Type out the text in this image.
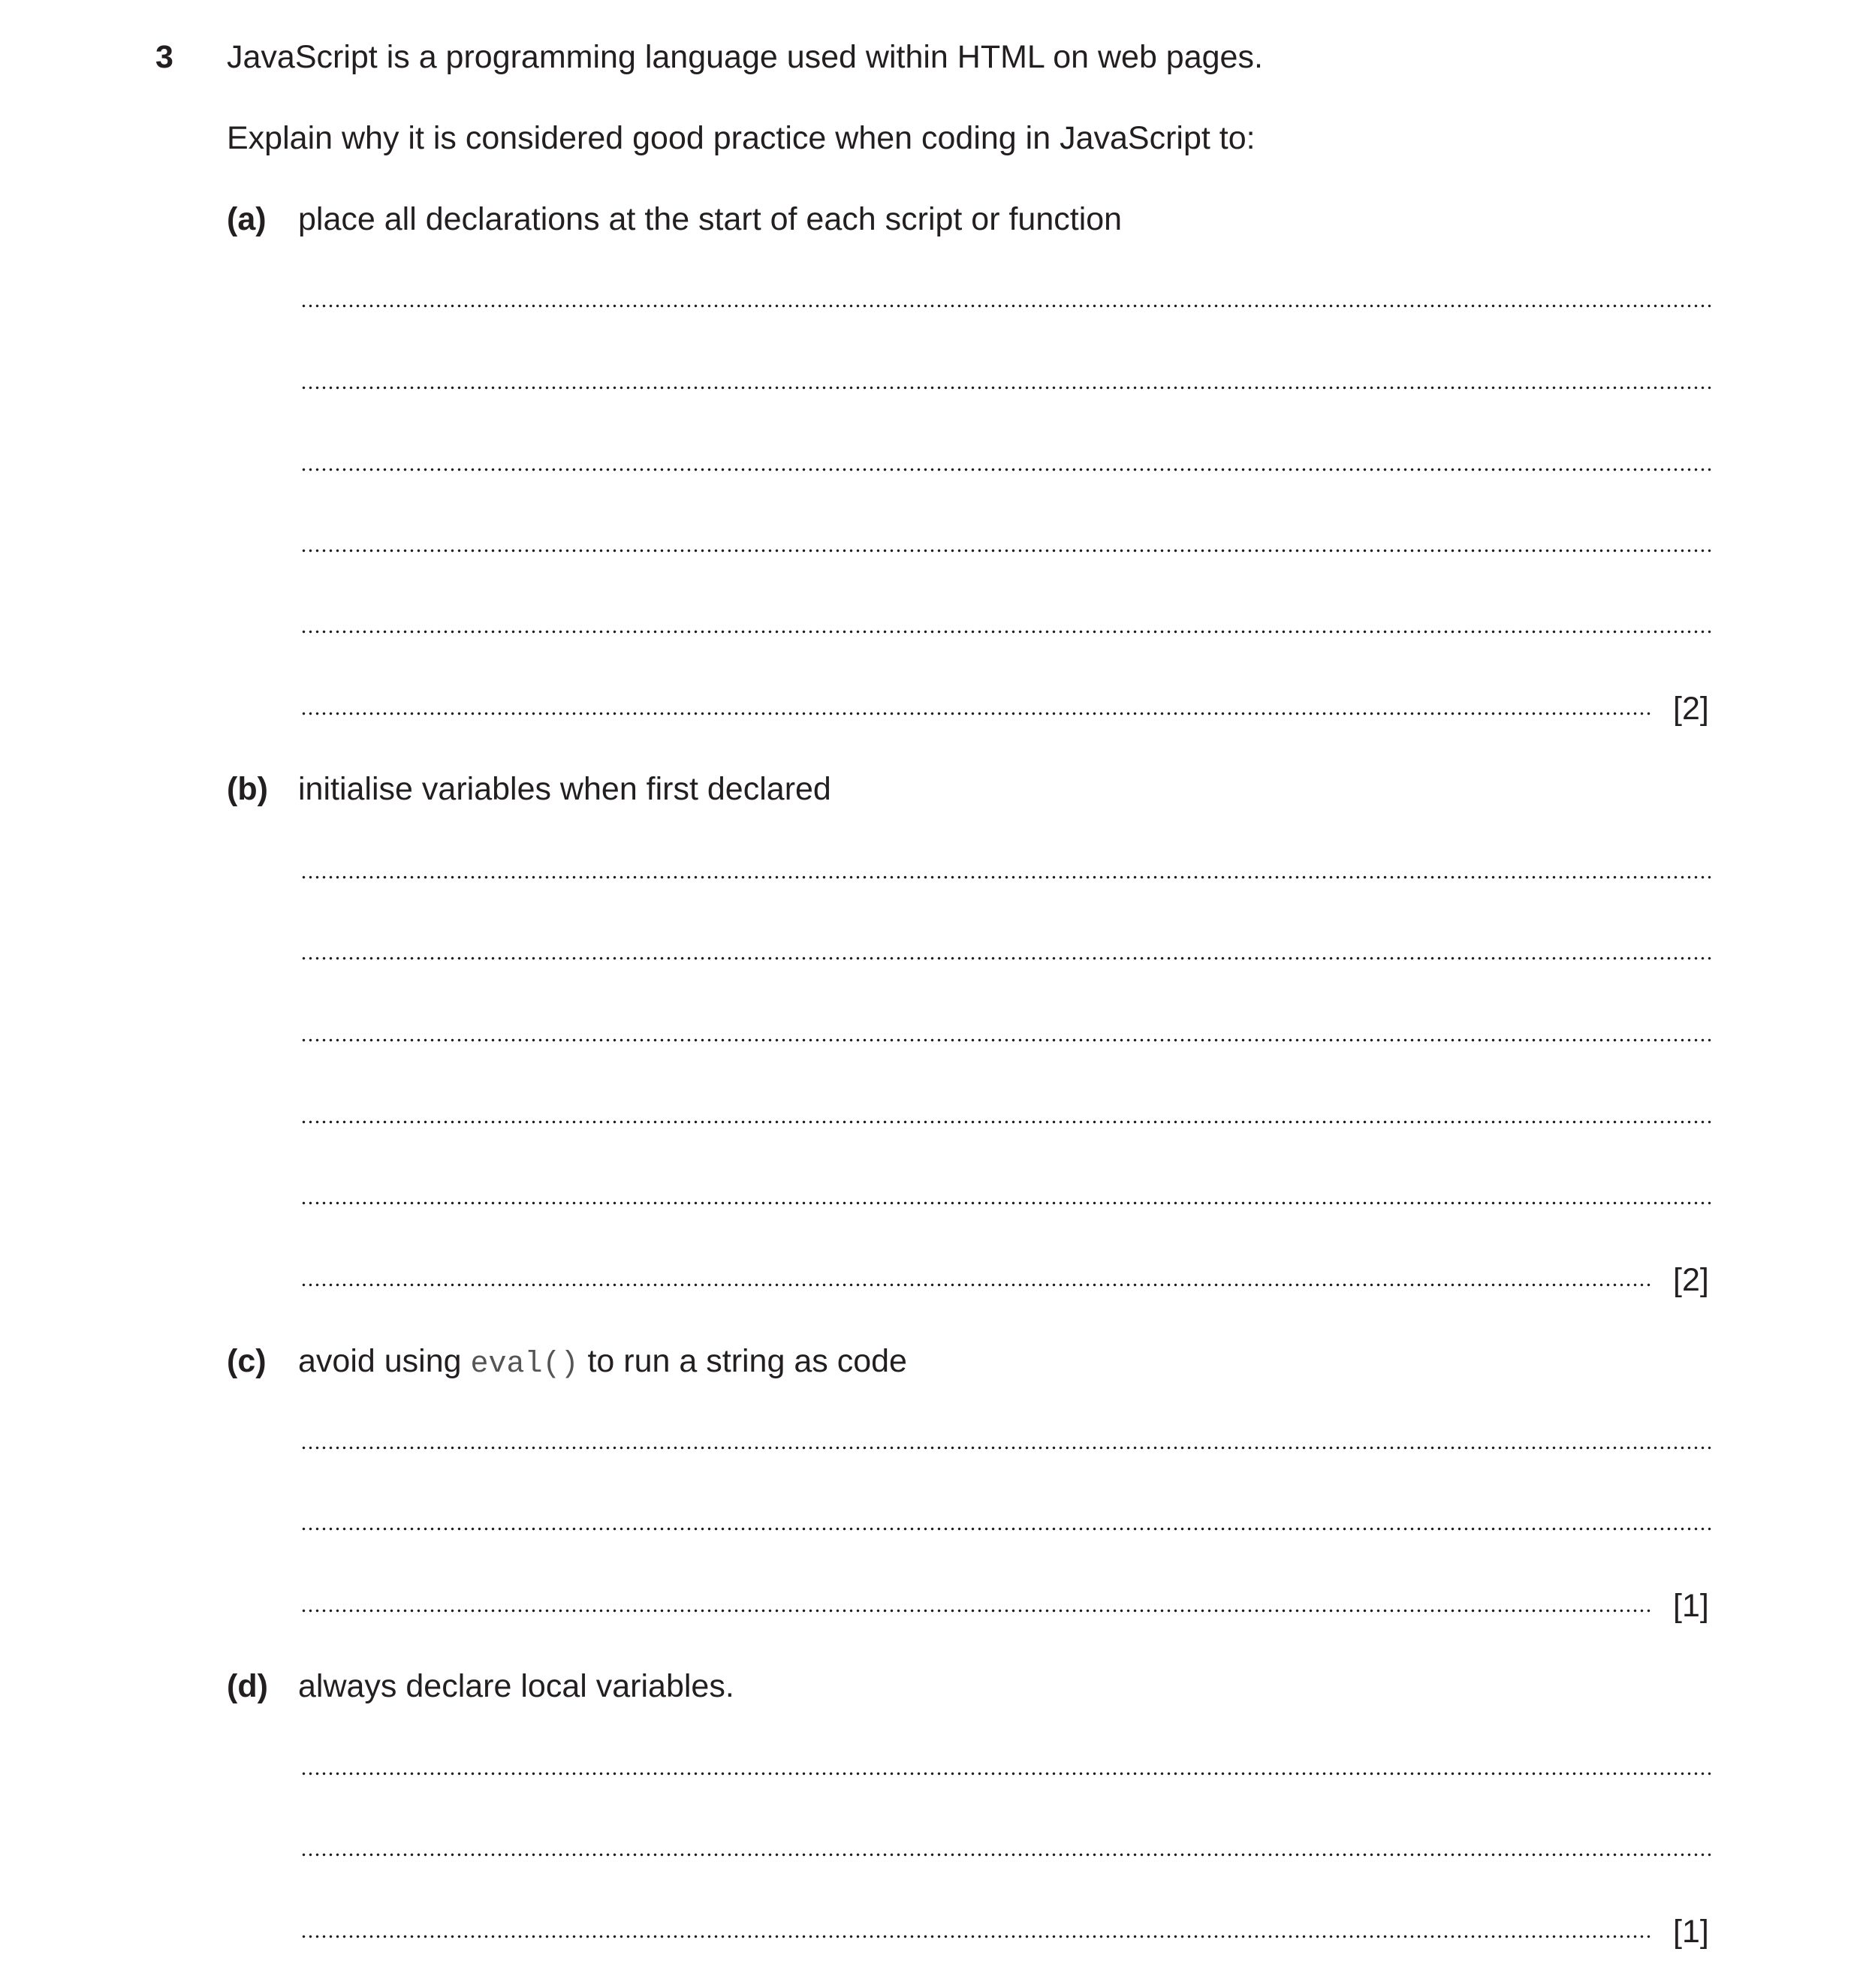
3 JavaScript is a programming language used within HTML on web pages.
Explain why it is considered good practice when coding in JavaScript to:
(a) place all declarations at the start of each script or function
[2]
(b) initialise variables when first declared
[2]
(c) avoid using eval() to run a string as code
[1]
(d) always declare local variables.
[1]
